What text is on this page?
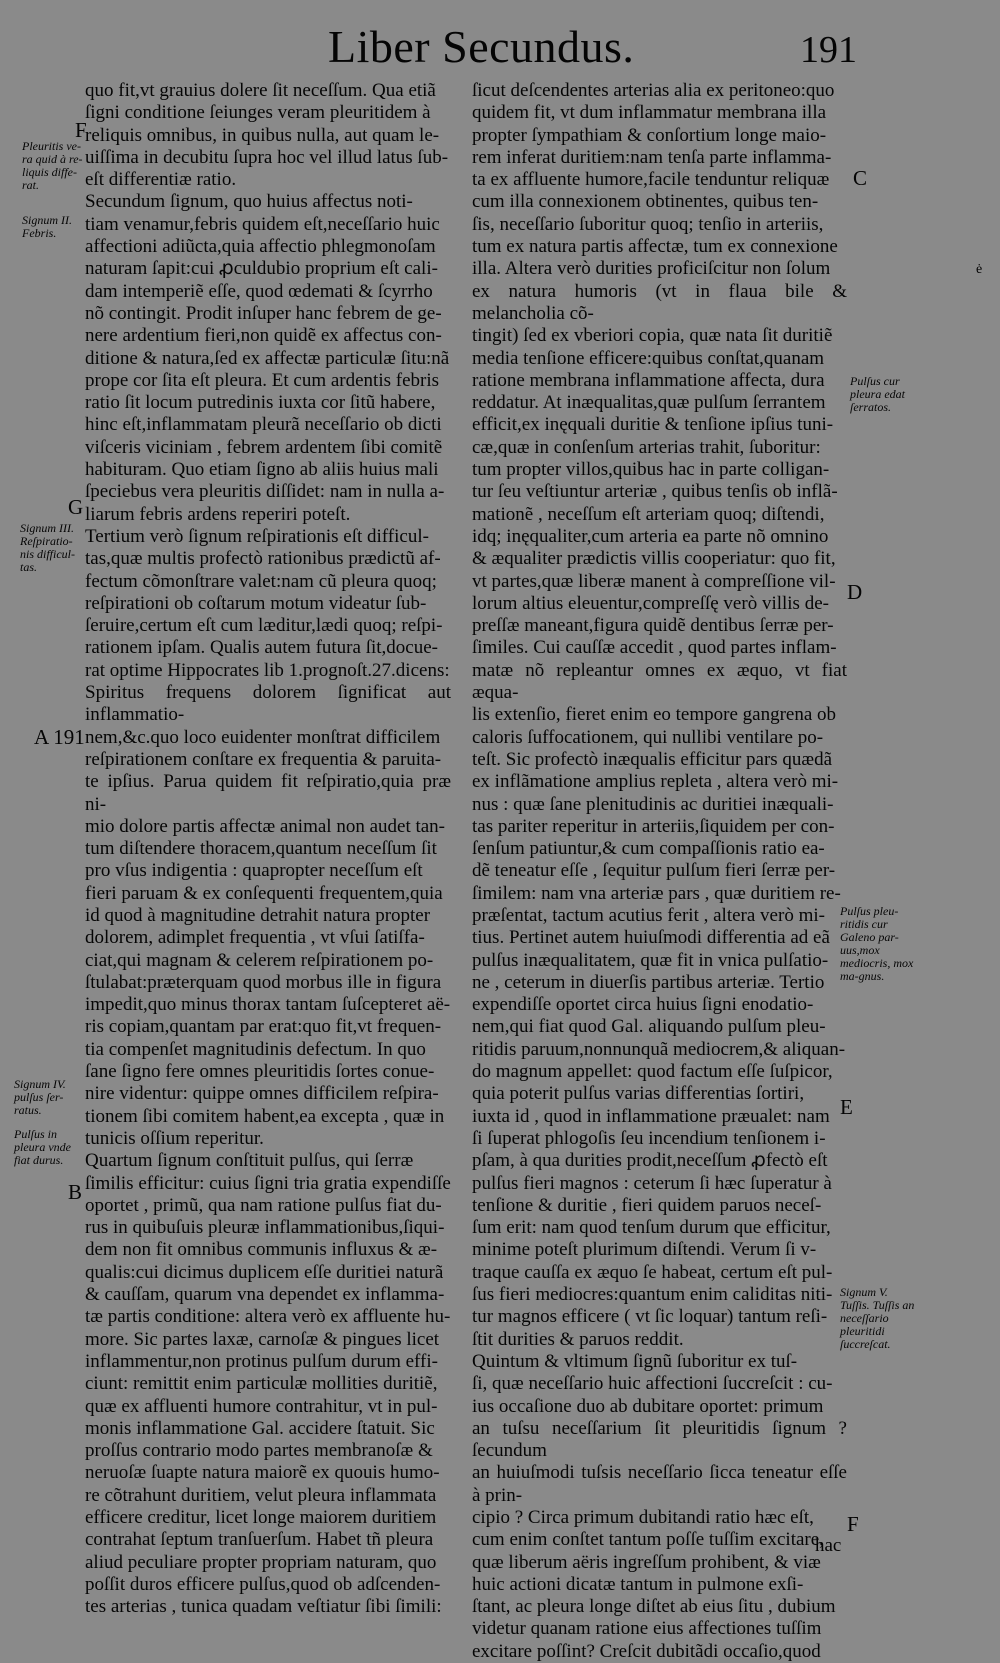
Liber Secundus.	191

quo fit,vt grauius dolere ſit neceſſum. Qua etiã

ſigni conditione ſeiunges veram pleuritidem à

reliquis omnibus, in quibus nulla, aut quam le-

uiſſima in decubitu ſupra hoc vel illud latus ſub-

eſt differentiæ ratio.

Secundum ſignum, quo huius affectus noti-

tiam venamur,febris quidem eſt,neceſſario huic

affectioni adiũcta,quia affectio phlegmonoſam

naturam ſapit:cui ꝓculdubio proprium eſt cali-

dam intemperiẽ eſſe, quod œdemati & ſcyrrho

nõ contingit. Prodit inſuper hanc febrem de ge-

nere ardentium fieri,non quidẽ ex affectus con-

ditione & natura,ſed ex affectæ particulæ ſitu:nã

prope cor ſita eſt pleura. Et cum ardentis febris

ratio ſit locum putredinis iuxta cor ſitũ habere,

hinc eſt,inflammatam pleurã neceſſario ob dicti

viſceris viciniam , febrem ardentem ſibi comitẽ

habituram. Quo etiam ſigno ab aliis huius mali

ſpeciebus vera pleuritis diſſidet: nam in nulla a-

liarum febris ardens reperiri poteſt.

Tertium verò ſignum reſpirationis eſt difficul-

tas,quæ multis profectò rationibus prædictũ af-

fectum cõmonſtrare valet:nam cũ pleura quoq;

reſpirationi ob coſtarum motum videatur ſub-

ſeruire,certum eſt cum læditur,lædi quoq; reſpi-

rationem ipſam. Qualis autem futura ſit,docue-

rat optime Hippocrates lib 1.prognoſt.27.dicens:

Spiritus frequens dolorem ſignificat aut inflammatio-

nem,&c.quo loco euidenter monſtrat difficilem

reſpirationem conſtare ex frequentia & paruita-

te ipſius. Parua quidem fit reſpiratio,quia præ ni-

mio dolore partis affectæ animal non audet tan-

tum diſtendere thoracem,quantum neceſſum ſit

pro vſus indigentia : quapropter neceſſum eſt

fieri paruam & ex conſequenti frequentem,quia

id quod à magnitudine detrahit natura propter

dolorem, adimplet frequentia , vt vſui ſatiſfa-

ciat,qui magnam & celerem reſpirationem po-

ſtulabat:præterquam quod morbus ille in figura

impedit,quo minus thorax tantam ſuſcepteret aë-

ris copiam,quantam par erat:quo fit,vt frequen-

tia compenſet magnitudinis defectum. In quo

ſane ſigno fere omnes pleuritidis ſortes conue-

nire videntur: quippe omnes difficilem reſpira-

tionem ſibi comitem habent,ea excepta , quæ in

tunicis oſſium reperitur.

Quartum ſignum conſtituit pulſus, qui ſerræ

ſimilis efficitur: cuius ſigni tria gratia expendiſſe

oportet , primũ, qua nam ratione pulſus fiat du-

rus in quibuſuis pleuræ inflammationibus,ſiqui-

dem non fit omnibus communis influxus & æ-

qualis:cui dicimus duplicem eſſe duritiei naturã

& cauſſam, quarum vna dependet ex inflamma-

tæ partis conditione: altera verò ex affluente hu-

more. Sic partes laxæ, carnoſæ & pingues licet

inflammentur,non protinus pulſum durum effi-

ciunt: remittit enim particulæ mollities duritiẽ,

quæ ex affluenti humore contrahitur, vt in pul-

monis inflammatione Gal. accidere ſtatuit. Sic

proſſus contrario modo partes membranoſæ &

neruoſæ ſuapte natura maiorẽ ex quouis humo-

re cõtrahunt duritiem, velut pleura inflammata

efficere creditur, licet longe maiorem duritiem

contrahat ſeptum tranſuerſum. Habet tñ pleura

aliud peculiare propter propriam naturam, quo

poſſit duros efficere pulſus,quod ob adſcenden-

tes arterias , tunica quadam veſtiatur ſibi ſimili:

ſicut deſcendentes arterias alia ex peritoneo:quo

quidem fit, vt dum inflammatur membrana illa

propter ſympathiam & conſortium longe maio-

rem inferat duritiem:nam tenſa parte inflamma-

ta ex affluente humore,facile tenduntur reliquæ

cum illa connexionem obtinentes, quibus ten-

ſis, neceſſario ſuboritur quoq; tenſio in arteriis,

tum ex natura partis affectæ, tum ex connexione

illa. Altera verò durities proficiſcitur non ſolum

ex natura humoris (vt in flaua bile & melancholia cõ-

tingit) ſed ex vberiori copia, quæ nata ſit duritiẽ

media tenſione efficere:quibus conſtat,quanam

ratione membrana inflammatione affecta, dura

reddatur. At inæqualitas,quæ pulſum ſerrantem

efficit,ex inęquali duritie & tenſione ipſius tuni-

cæ,quæ in conſenſum arterias trahit, ſuboritur:

tum propter villos,quibus hac in parte colligan-

tur ſeu veſtiuntur arteriæ , quibus tenſis ob inflã-

mationẽ , neceſſum eſt arteriam quoq; diſtendi,

idq; inęqualiter,cum arteria ea parte nõ omnino

& æqualiter prædictis villis cooperiatur: quo fit,

vt partes,quæ liberæ manent à compreſſione vil-

lorum altius eleuentur,compreſſę verò villis de-

preſſæ maneant,figura quidẽ dentibus ſerræ per-

ſimiles. Cui cauſſæ accedit , quod partes inflam-

matæ nõ repleantur omnes ex æquo, vt fiat æqua-

lis extenſio, fieret enim eo tempore gangrena ob

caloris ſuffocationem, qui nullibi ventilare po-

teſt. Sic profectò inæqualis efficitur pars quædã

ex inflãmatione amplius repleta , altera verò mi-

nus : quæ ſane plenitudinis ac duritiei inæquali-

tas pariter reperitur in arteriis,ſiquidem per con-

ſenſum patiuntur,& cum compaſſionis ratio ea-

dẽ teneatur eſſe , ſequitur pulſum fieri ſerræ per-

ſimilem: nam vna arteriæ pars , quæ duritiem re-

præſentat, tactum acutius ferit , altera verò mi-

tius. Pertinet autem huiuſmodi differentia ad eã

pulſus inæqualitatem, quæ fit in vnica pulſatio-

ne , ceterum in diuerſis partibus arteriæ. Tertio

expendiſſe oportet circa huius ſigni enodatio-

nem,qui fiat quod Gal. aliquando pulſum pleu-

ritidis paruum,nonnunquã mediocrem,& aliquan-

do magnum appellet: quod factum eſſe ſuſpicor,

quia poterit pulſus varias differentias ſortiri,

iuxta id , quod in inflammatione præualet: nam

ſi ſuperat phlogoſis ſeu incendium tenſionem i-

pſam, à qua durities prodit,neceſſum ꝓfectò eſt

pulſus fieri magnos : ceterum ſi hæc ſuperatur à

tenſione & duritie , fieri quidem paruos neceſ-

ſum erit: nam quod tenſum durum que efficitur,

minime poteſt plurimum diſtendi. Verum ſi v-

traque cauſſa ex æquo ſe habeat, certum eſt pul-

ſus fieri mediocres:quantum enim caliditas niti-

tur magnos efficere ( vt ſic loquar) tantum reſi-

ſtit durities & paruos reddit.

Quintum & vltimum ſignũ ſuboritur ex tuſ-

ſi, quæ neceſſario huic affectioni ſuccreſcit : cu-

ius occaſione duo ab dubitare oportet: primum

an tuſsu neceſſarium ſit pleuritidis ſignum ? ſecundum

an huiuſmodi tuſsis neceſſario ſicca teneatur eſſe à prin-

cipio ? Circa primum dubitandi ratio hæc eſt,

cum enim conſtet tantum poſſe tuſſim excitare,

quæ liberum aëris ingreſſum prohibent, & viæ

huic actioni dicatæ tantum in pulmone exſi-

ſtant, ac pleura longe diſtet ab eius ſitu , dubium

videtur quanam ratione eius affectiones tuſſim

excitare poſſint? Creſcit dubitãdi occaſio,quod

Pleuritis ve-ra quid à re-liquis diffe-rat.
Signum II. Febris.
Signum III. Reſpiratio-nis difficul-tas.
Signum IV. pulſus ſer-ratus.
Pulſus in pleura vnde fiat durus.
Pulſus cur pleura edat ſerratos.
Pulſus pleu-ritidis cur Galeno par-uus,mox mediocris, mox ma-gnus.
Signum V. Tuſſis. Tuſſis an neceſſario pleuritidi ſuccreſcat.
F
G
A 191
B
C
D
E
F
ė
hac
